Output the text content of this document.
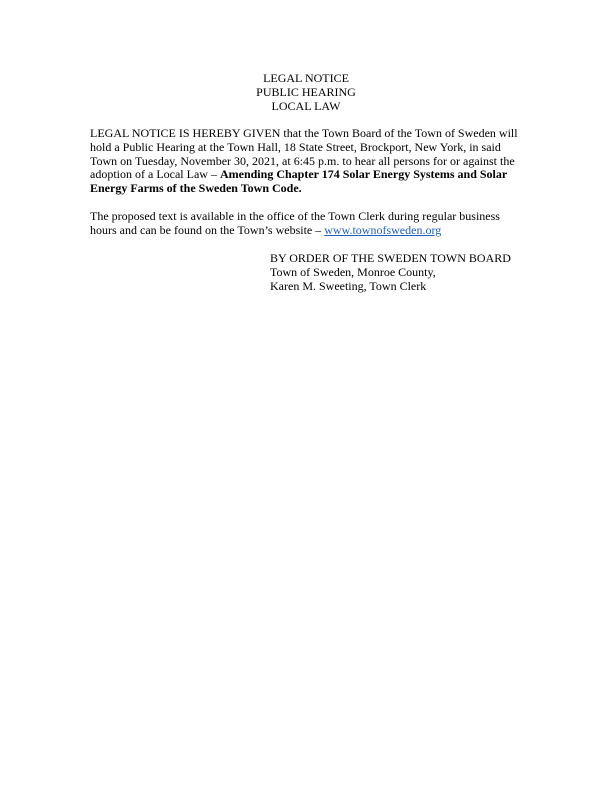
LEGAL NOTICE
PUBLIC HEARING
LOCAL LAW
LEGAL NOTICE IS HEREBY GIVEN that the Town Board of the Town of Sweden will hold a Public Hearing at the Town Hall, 18 State Street, Brockport, New York, in said Town on Tuesday, November 30, 2021, at 6:45 p.m. to hear all persons for or against the adoption of a Local Law – Amending Chapter 174 Solar Energy Systems and Solar Energy Farms of the Sweden Town Code.
The proposed text is available in the office of the Town Clerk during regular business hours and can be found on the Town’s website – www.townofsweden.org
BY ORDER OF THE SWEDEN TOWN BOARD
Town of Sweden, Monroe County,
Karen M. Sweeting, Town Clerk
